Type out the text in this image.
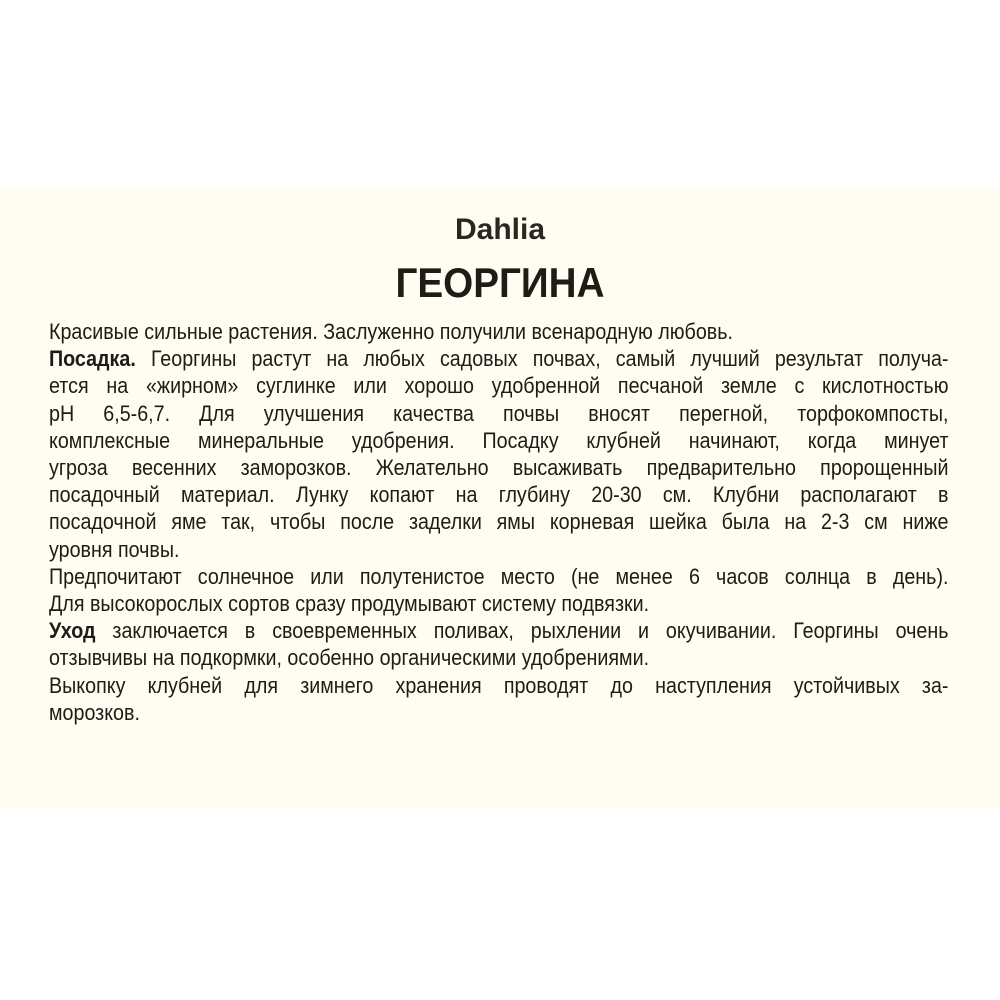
Dahlia
ГЕОРГИНА
Красивые сильные растения. Заслуженно получили всенародную любовь.
Посадка. Георгины растут на любых садовых почвах, самый лучший результат получа-
ется на «жирном» суглинке или хорошо удобренной песчаной земле с кислотностью
pH 6,5-6,7. Для улучшения качества почвы вносят перегной, торфокомпосты,
комплексные минеральные удобрения. Посадку клубней начинают, когда минует
угроза весенних заморозков. Желательно высаживать предварительно пророщенный
посадочный материал. Лунку копают на глубину 20-30 см. Клубни располагают в
посадочной яме так, чтобы после заделки ямы корневая шейка была на 2-3 см ниже
уровня почвы.
Предпочитают солнечное или полутенистое место (не менее 6 часов солнца в день).
Для высокорослых сортов сразу продумывают систему подвязки.
Уход заключается в своевременных поливах, рыхлении и окучивании. Георгины очень
отзывчивы на подкормки, особенно органическими удобрениями.
Выкопку клубней для зимнего хранения проводят до наступления устойчивых за-
морозков.
